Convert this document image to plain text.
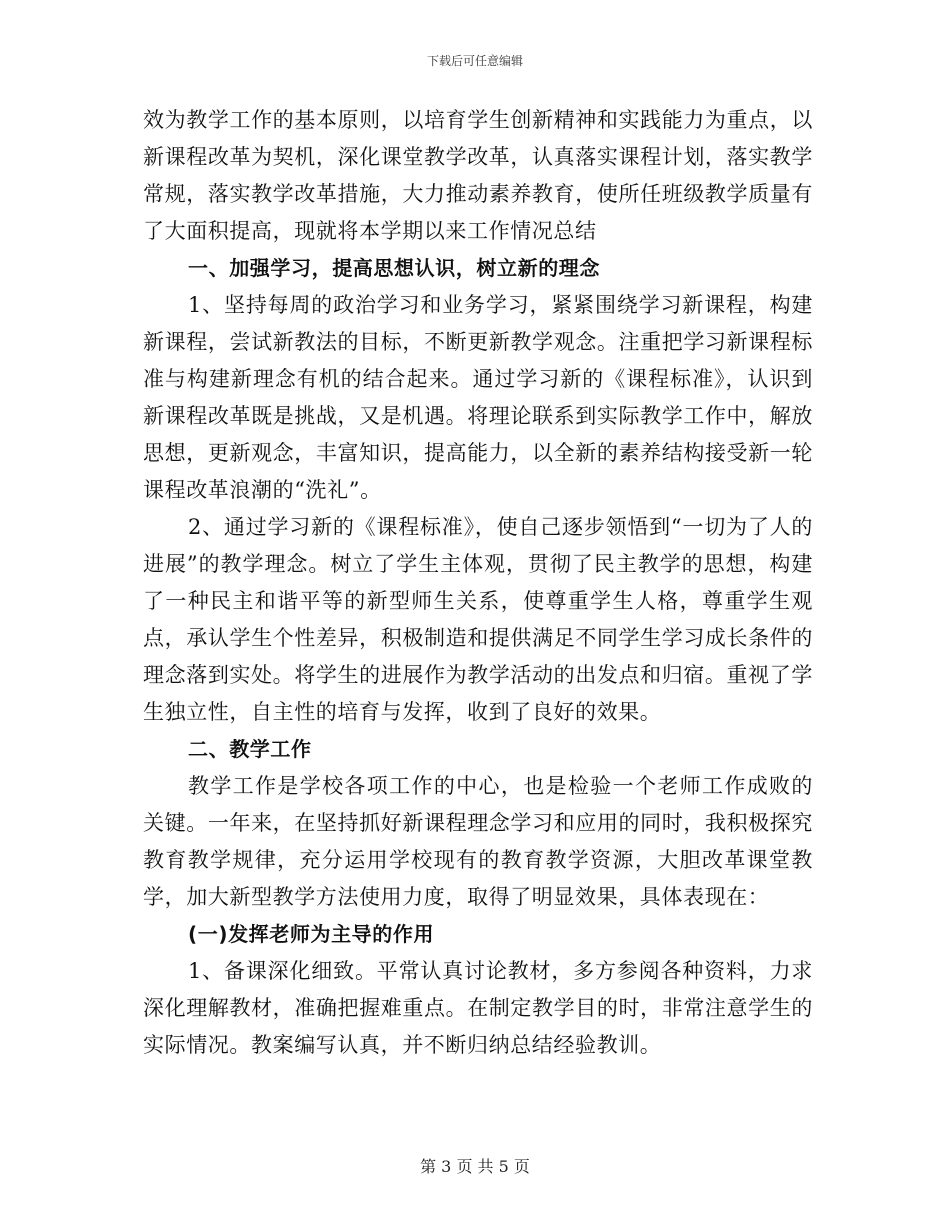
下载后可任意编辑

效为教学工作的基本原则，以培育学生创新精神和实践能力为重点，以新课程改革为契机，深化课堂教学改革，认真落实课程计划，落实教学常规，落实教学改革措施，大力推动素养教育，使所任班级教学质量有了大面积提高，现就将本学期以来工作情况总结

一、加强学习，提高思想认识，树立新的理念

1、坚持每周的政治学习和业务学习，紧紧围绕学习新课程，构建新课程，尝试新教法的目标，不断更新教学观念。注重把学习新课程标准与构建新理念有机的结合起来。通过学习新的《课程标准》，认识到新课程改革既是挑战，又是机遇。将理论联系到实际教学工作中，解放思想，更新观念，丰富知识，提高能力，以全新的素养结构接受新一轮课程改革浪潮的“洗礼”。

2、通过学习新的《课程标准》，使自己逐步领悟到“一切为了人的进展”的教学理念。树立了学生主体观，贯彻了民主教学的思想，构建了一种民主和谐平等的新型师生关系，使尊重学生人格，尊重学生观点，承认学生个性差异，积极制造和提供满足不同学生学习成长条件的理念落到实处。将学生的进展作为教学活动的出发点和归宿。重视了学生独立性，自主性的培育与发挥，收到了良好的效果。

二、教学工作

教学工作是学校各项工作的中心，也是检验一个老师工作成败的关键。一年来，在坚持抓好新课程理念学习和应用的同时，我积极探究教育教学规律，充分运用学校现有的教育教学资源，大胆改革课堂教学，加大新型教学方法使用力度，取得了明显效果，具体表现在：

(一)发挥老师为主导的作用

1、备课深化细致。平常认真讨论教材，多方参阅各种资料，力求深化理解教材，准确把握难重点。在制定教学目的时，非常注意学生的实际情况。教案编写认真，并不断归纳总结经验教训。

第 3 页 共 5 页
